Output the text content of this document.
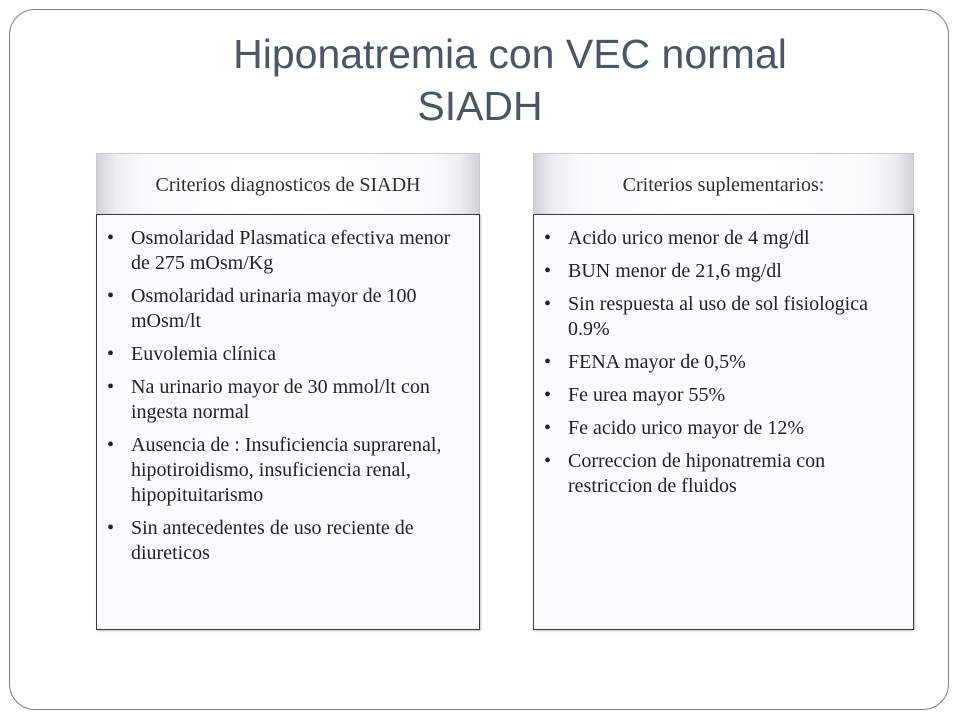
Hiponatremia con VEC normal
SIADH
Criterios diagnosticos de SIADH
• Osmolaridad Plasmatica efectiva menor de 275 mOsm/Kg
• Osmolaridad urinaria mayor de 100 mOsm/lt
• Euvolemia clínica
• Na urinario mayor de 30 mmol/lt con ingesta normal
• Ausencia de : Insuficiencia suprarenal, hipotiroidismo, insuficiencia renal, hipopituitarismo
• Sin antecedentes de uso reciente de diureticos
Criterios suplementarios:
• Acido urico menor de 4 mg/dl
• BUN menor de 21,6 mg/dl
• Sin respuesta al uso de sol fisiologica 0.9%
• FENA mayor de 0,5%
• Fe urea mayor 55%
• Fe acido urico mayor de 12%
• Correccion de hiponatremia con restriccion de fluidos
